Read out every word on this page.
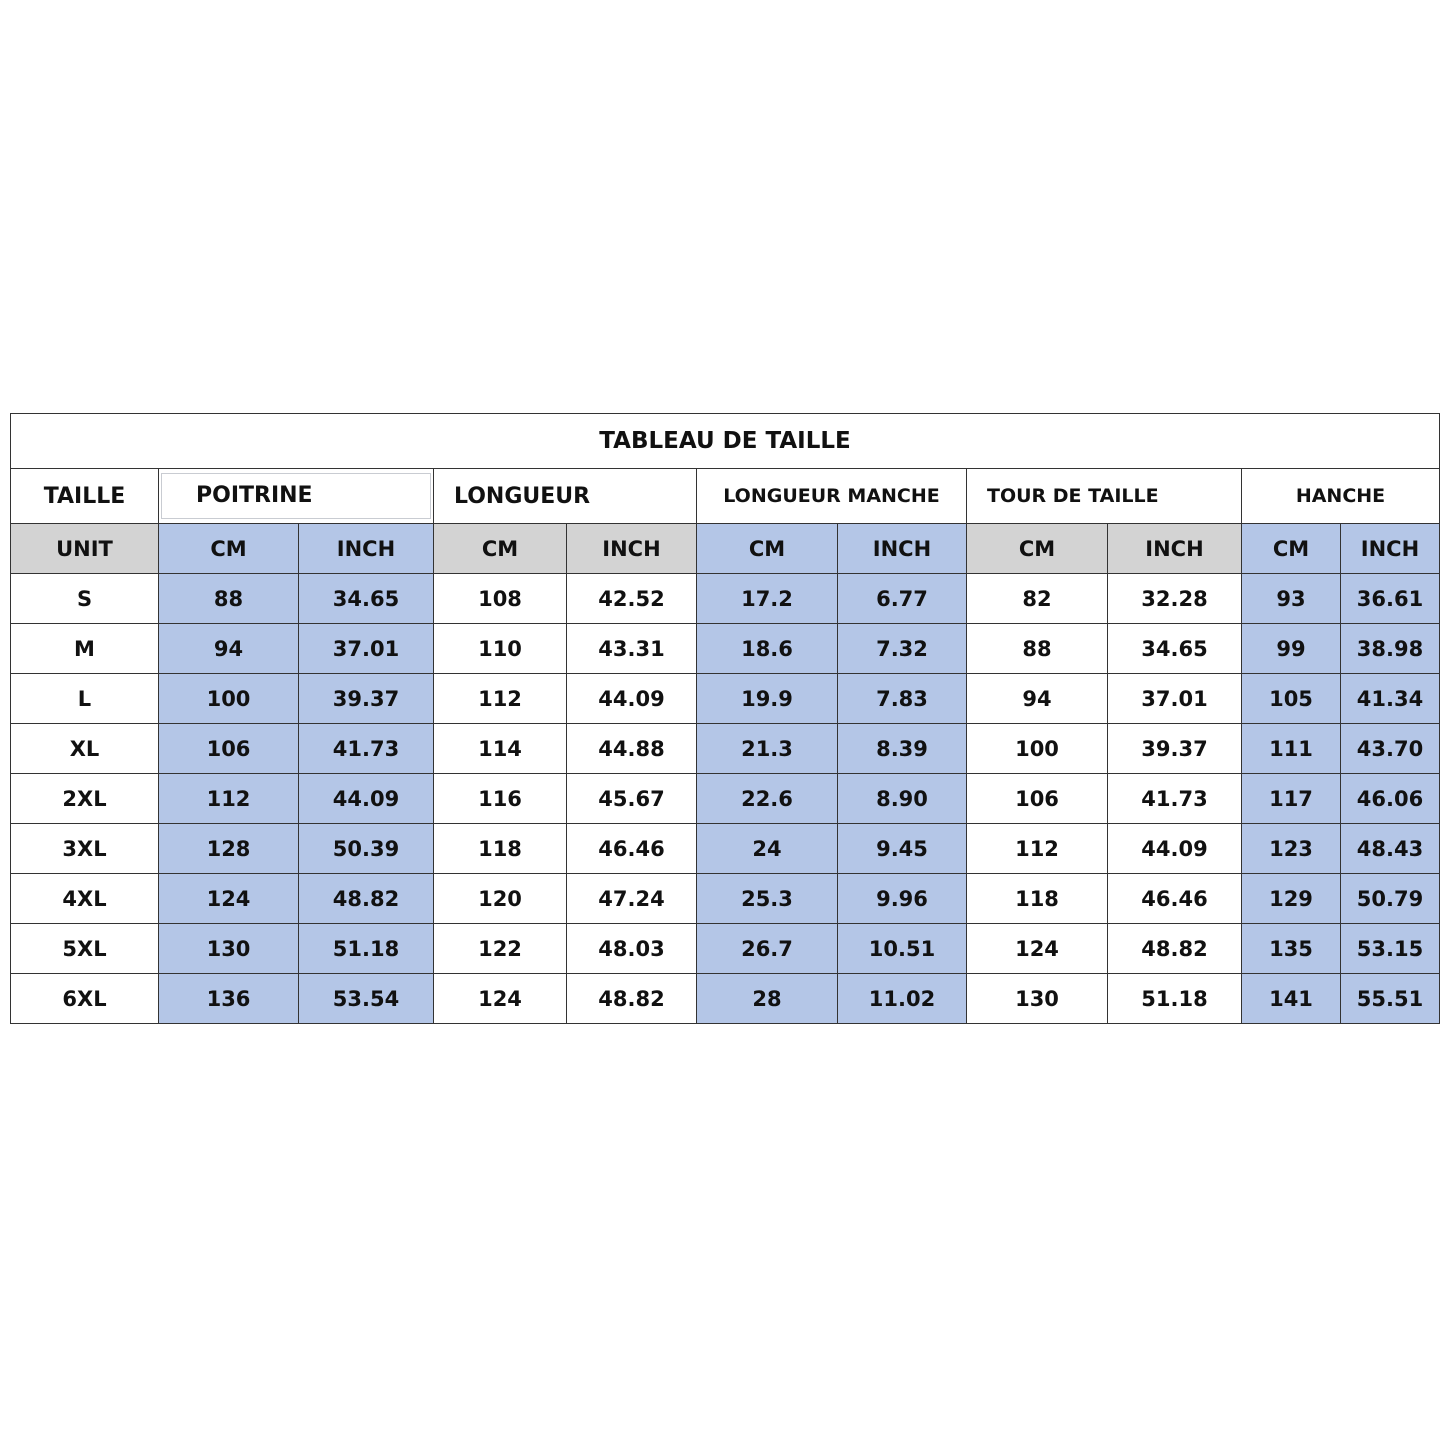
TABLEAU DE TAILLE										
TAILLE	POITRINE		LONGUEUR		LONGUEUR MANCHE		TOUR DE TAILLE		HANCHE	
UNIT	CM	INCH	CM	INCH	CM	INCH	CM	INCH	CM	INCH
S	88	34.65	108	42.52	17.2	6.77	82	32.28	93	36.61
M	94	37.01	110	43.31	18.6	7.32	88	34.65	99	38.98
L	100	39.37	112	44.09	19.9	7.83	94	37.01	105	41.34
XL	106	41.73	114	44.88	21.3	8.39	100	39.37	111	43.70
2XL	112	44.09	116	45.67	22.6	8.90	106	41.73	117	46.06
3XL	128	50.39	118	46.46	24	9.45	112	44.09	123	48.43
4XL	124	48.82	120	47.24	25.3	9.96	118	46.46	129	50.79
5XL	130	51.18	122	48.03	26.7	10.51	124	48.82	135	53.15
6XL	136	53.54	124	48.82	28	11.02	130	51.18	141	55.51
